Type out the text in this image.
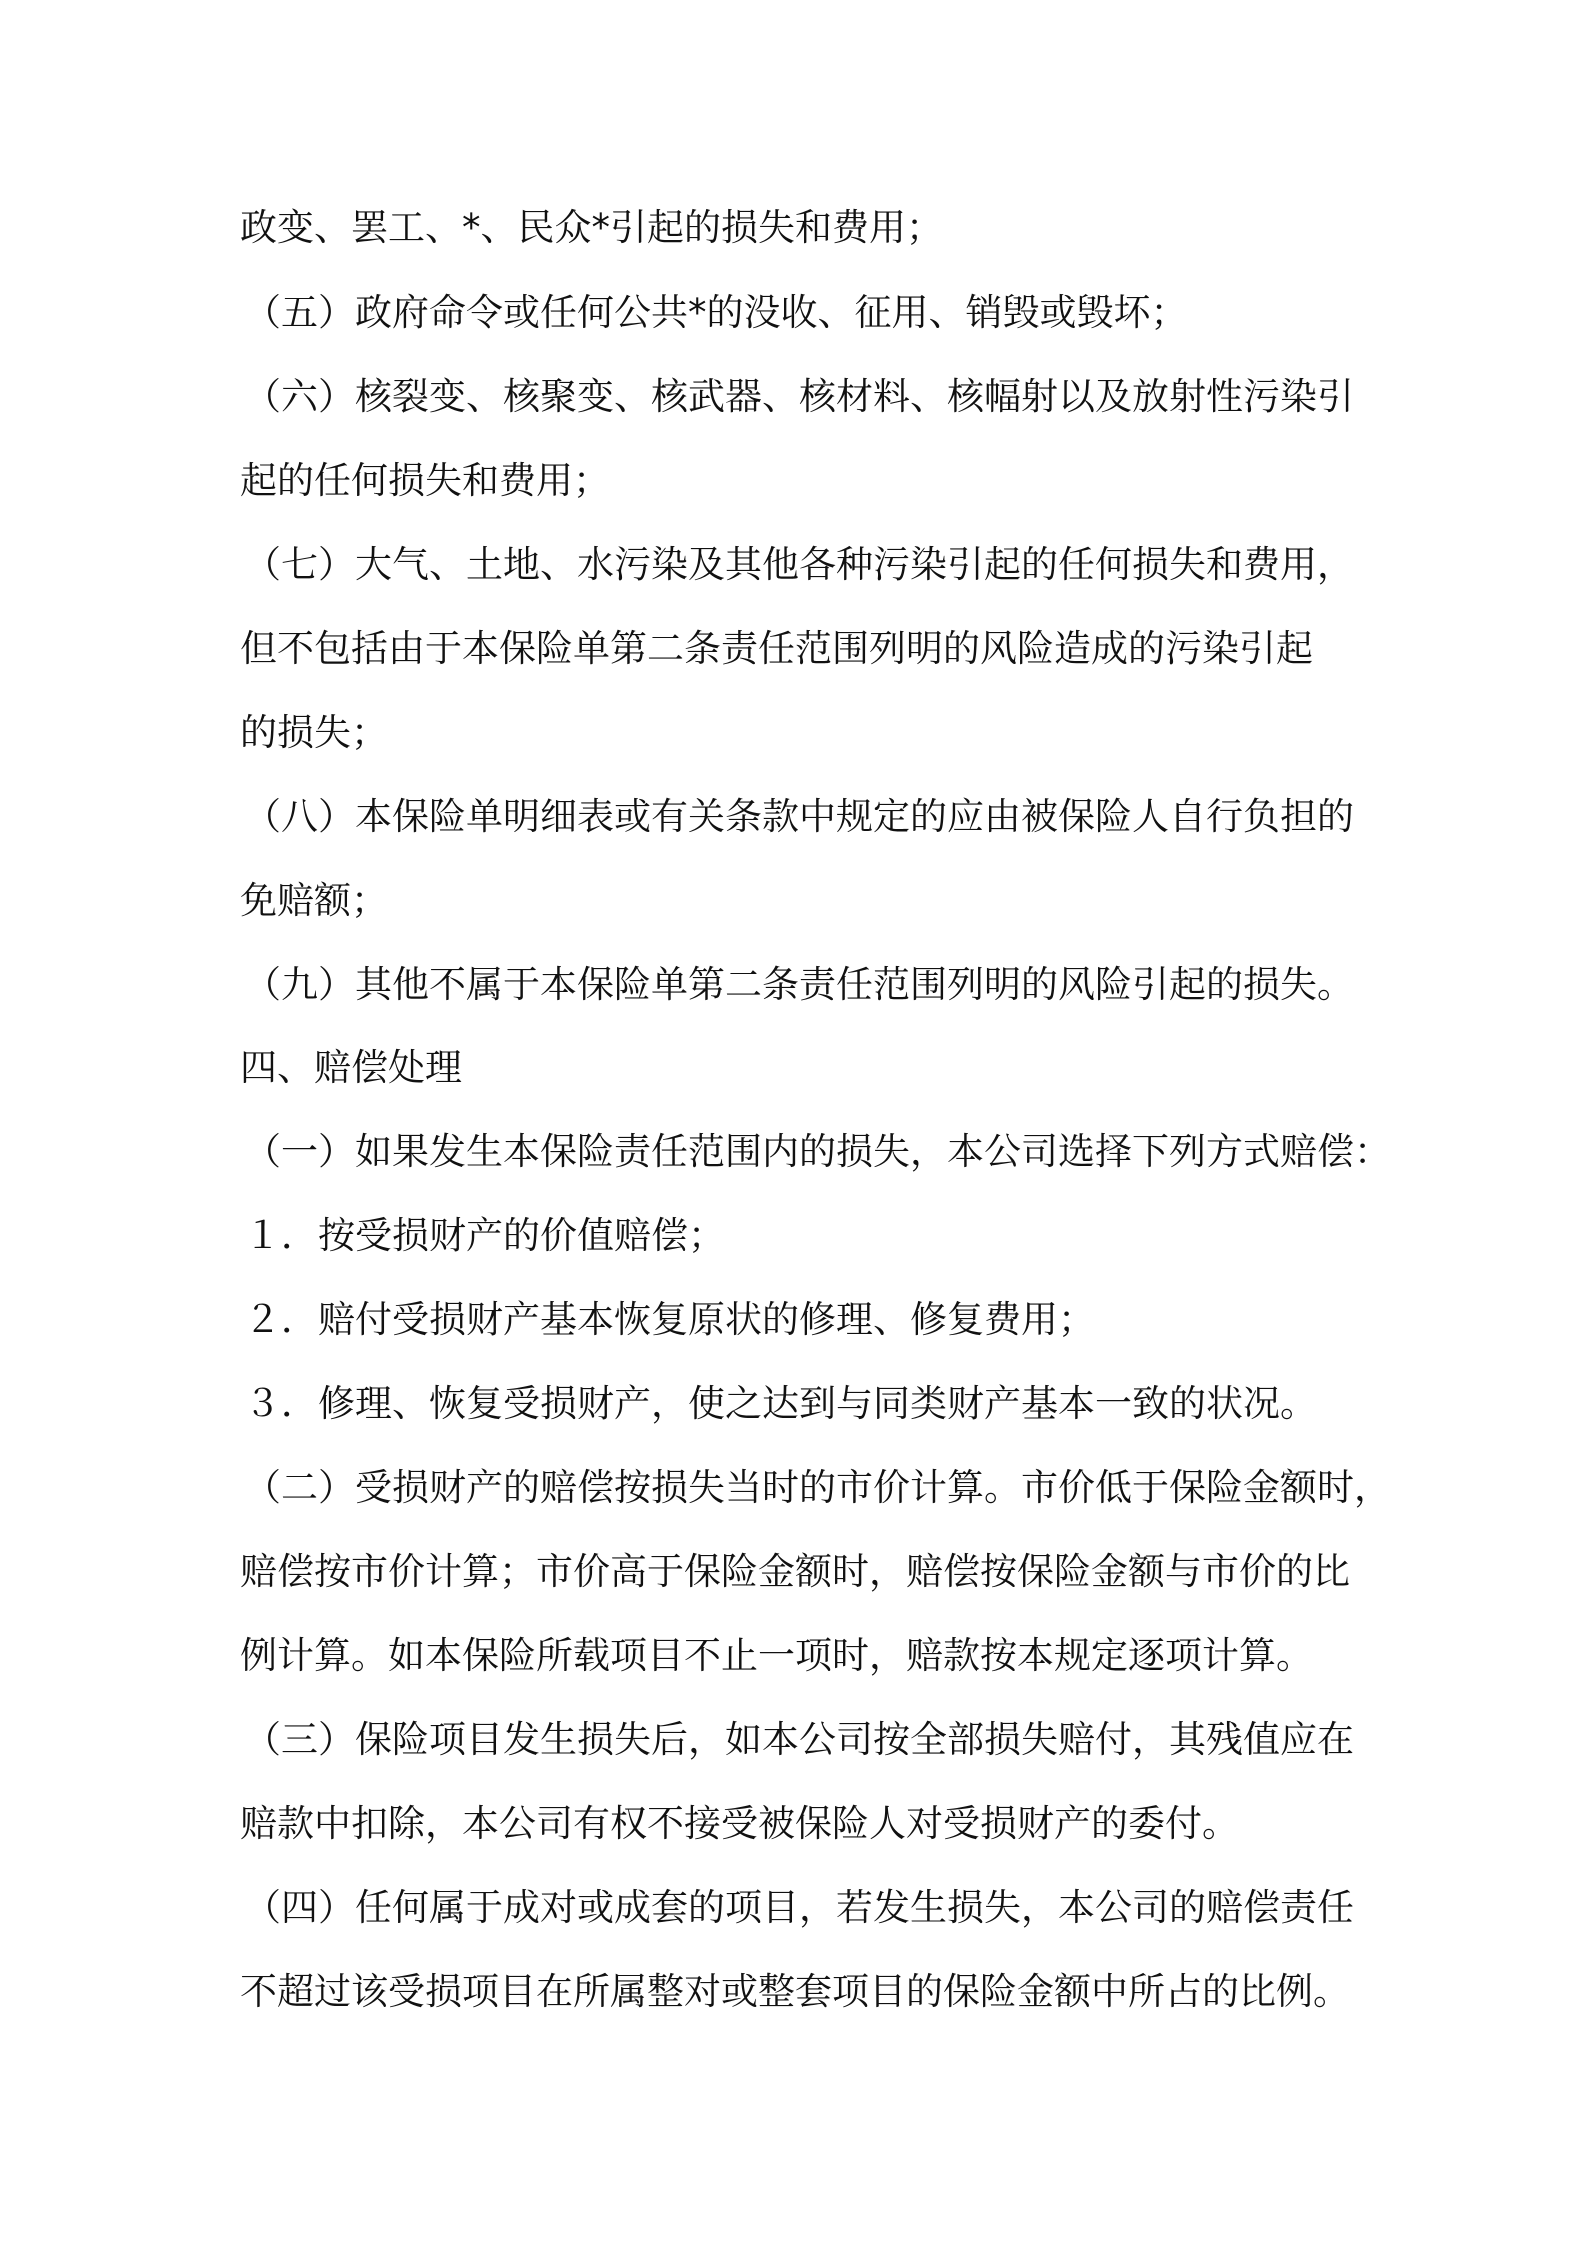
政变、罢工、*、民众*引起的损失和费用；
（五）政府命令或任何公共*的没收、征用、销毁或毁坏；
（六）核裂变、核聚变、核武器、核材料、核幅射以及放射性污染引
起的任何损失和费用；
（七）大气、土地、水污染及其他各种污染引起的任何损失和费用，
但不包括由于本保险单第二条责任范围列明的风险造成的污染引起
的损失；
（八）本保险单明细表或有关条款中规定的应由被保险人自行负担的
免赔额；
（九）其他不属于本保险单第二条责任范围列明的风险引起的损失。
四、赔偿处理
（一）如果发生本保险责任范围内的损失，本公司选择下列方式赔偿：
１．按受损财产的价值赔偿；
２．赔付受损财产基本恢复原状的修理、修复费用；
３．修理、恢复受损财产，使之达到与同类财产基本一致的状况。
（二）受损财产的赔偿按损失当时的市价计算。市价低于保险金额时，
赔偿按市价计算；市价高于保险金额时，赔偿按保险金额与市价的比
例计算。如本保险所载项目不止一项时，赔款按本规定逐项计算。
（三）保险项目发生损失后，如本公司按全部损失赔付，其残值应在
赔款中扣除，本公司有权不接受被保险人对受损财产的委付。
（四）任何属于成对或成套的项目，若发生损失，本公司的赔偿责任
不超过该受损项目在所属整对或整套项目的保险金额中所占的比例。
